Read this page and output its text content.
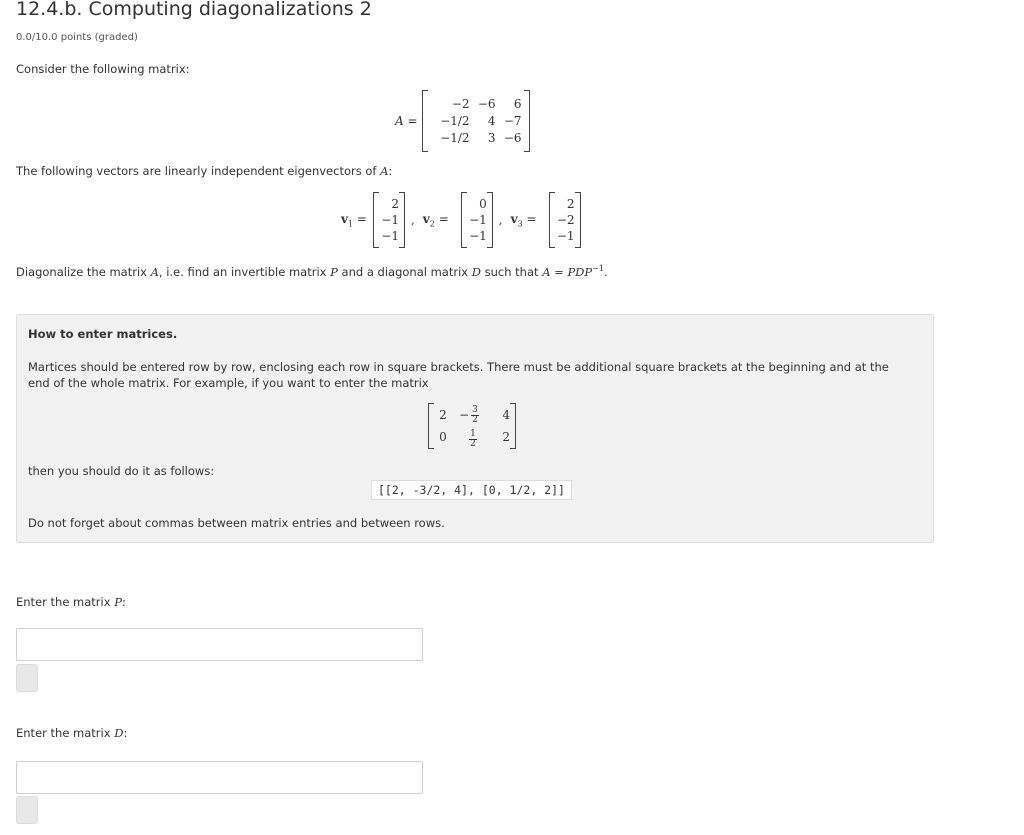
12.4.b. Computing diagonalizations 2
0.0/10.0 points (graded)
Consider the following matrix:
A =
−2 −6 6
−1/2 4 −7
−1/2 3 −6
The following vectors are linearly independent eigenvectors of A:
$v_1$ =
2
−1
−1
, $v_2$ =
0
−1
−1
, $v_3$ =
2
−2
−1
Diagonalize the matrix A, i.e. find an invertible matrix P and a diagonal matrix D such that $A = PDP^{-1}$.
How to enter matrices.
Martices should be entered row by row, enclosing each row in square brackets. There must be additional square brackets at the beginning and at the
end of the whole matrix. For example, if you want to enter the matrix
$2 - \frac{3}{2} 4$
$0 \frac{1}{2} 2$
then you should do it as follows:
[[2, -3/2, 4], [0, 1/2, 2]]
Do not forget about commas between matrix entries and between rows.
Enter the matrix P:
Enter the matrix D:
